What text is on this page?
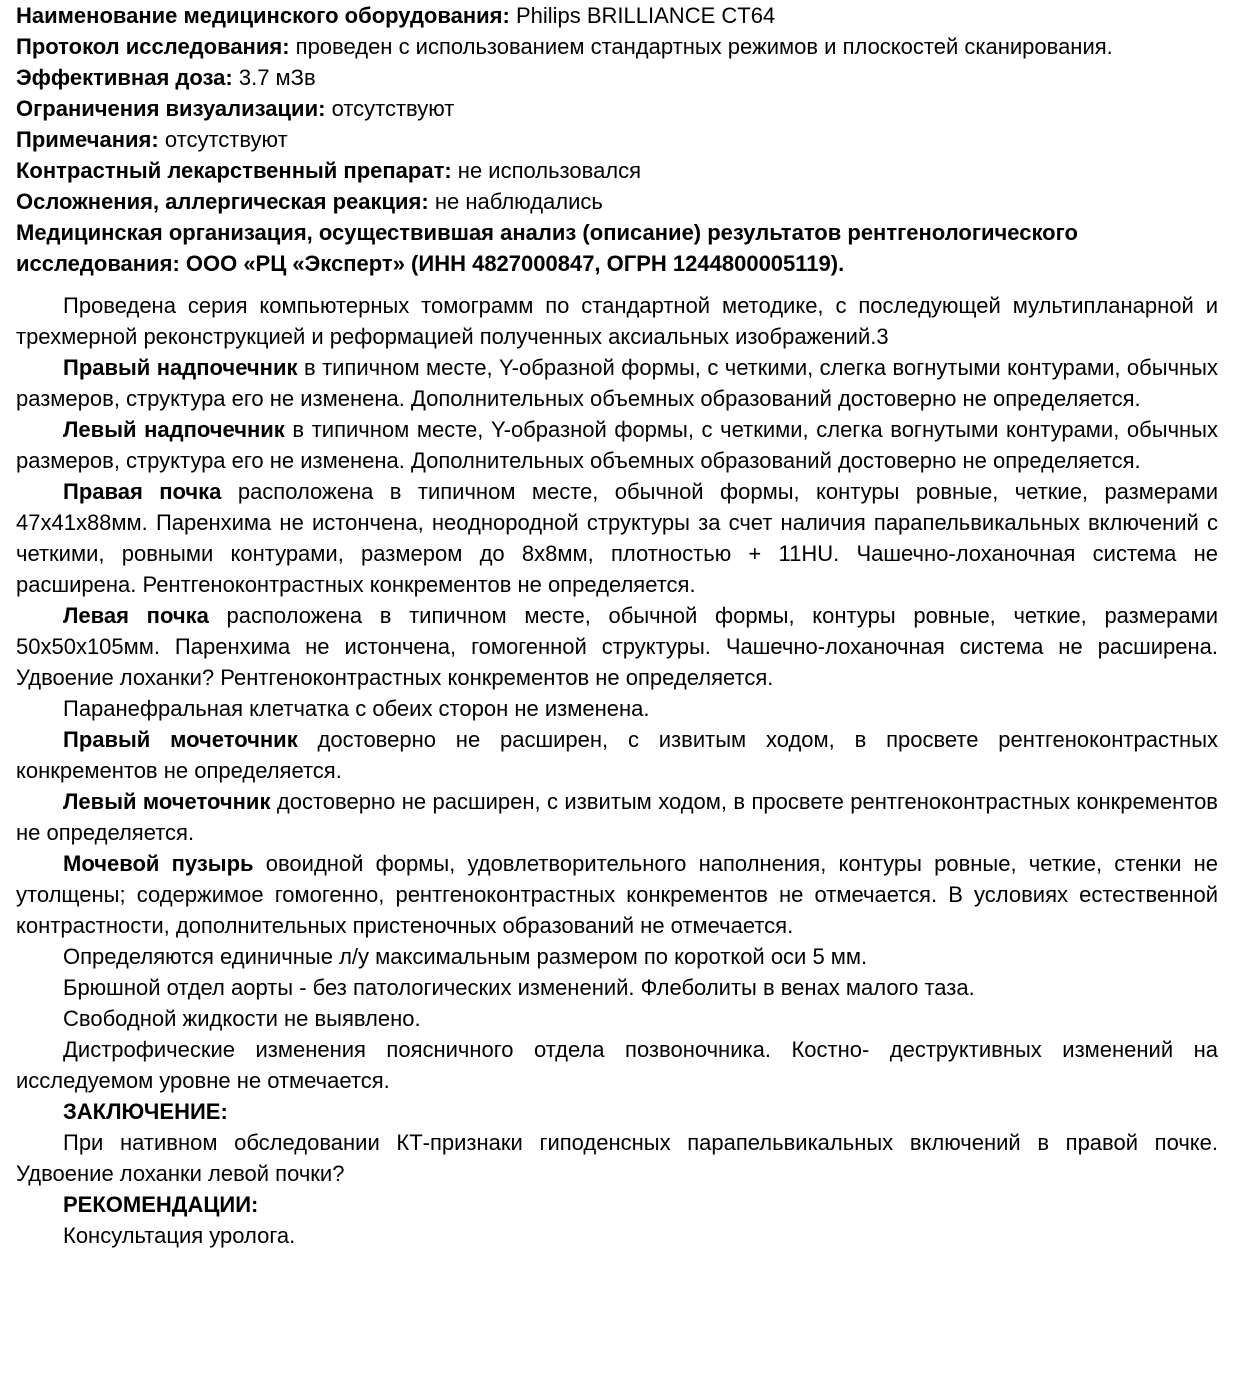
Наименование медицинского оборудования: Philips BRILLIANCE CT64
Протокол исследования: проведен с использованием стандартных режимов и плоскостей сканирования.
Эффективная доза: 3.7 мЗв
Ограничения визуализации: отсутствуют
Примечания: отсутствуют
Контрастный лекарственный препарат: не использовался
Осложнения, аллергическая реакция: не наблюдались
Медицинская организация, осуществившая анализ (описание) результатов рентгенологического исследования: ООО «РЦ «Эксперт» (ИНН 4827000847, ОГРН 1244800005119).

Проведена серия компьютерных томограмм по стандартной методике, с последующей мультипланарной и трехмерной реконструкцией и реформацией полученных аксиальных изображений.3

Правый надпочечник в типичном месте, Y-образной формы, с четкими, слегка вогнутыми контурами, обычных размеров, структура его не изменена. Дополнительных объемных образований достоверно не определяется.

Левый надпочечник в типичном месте, Y-образной формы, с четкими, слегка вогнутыми контурами, обычных размеров, структура его не изменена. Дополнительных объемных образований достоверно не определяется.

Правая почка расположена в типичном месте, обычной формы, контуры ровные, четкие, размерами 47х41х88мм. Паренхима не истончена, неоднородной структуры за счет наличия парапельвикальных включений с четкими, ровными контурами, размером до 8х8мм, плотностью + 11HU. Чашечно-лоханочная система не расширена. Рентгеноконтрастных конкрементов не определяется.

Левая почка расположена в типичном месте, обычной формы, контуры ровные, четкие, размерами 50х50х105мм. Паренхима не истончена, гомогенной структуры. Чашечно-лоханочная система не расширена. Удвоение лоханки? Рентгеноконтрастных конкрементов не определяется.

Паранефральная клетчатка с обеих сторон не изменена.

Правый мочеточник достоверно не расширен, с извитым ходом, в просвете рентгеноконтрастных конкрементов не определяется.

Левый мочеточник достоверно не расширен, с извитым ходом, в просвете рентгеноконтрастных конкрементов не определяется.

Мочевой пузырь овоидной формы, удовлетворительного наполнения, контуры ровные, четкие, стенки не утолщены; содержимое гомогенно, рентгеноконтрастных конкрементов не отмечается. В условиях естественной контрастности, дополнительных пристеночных образований не отмечается.

Определяются единичные л/у максимальным размером по короткой оси 5 мм.

Брюшной отдел аорты - без патологических изменений. Флеболиты в венах малого таза.

Свободной жидкости не выявлено.

Дистрофические изменения поясничного отдела позвоночника. Костно- деструктивных изменений на исследуемом уровне не отмечается.

ЗАКЛЮЧЕНИЕ:

При нативном обследовании КТ-признаки гиподенсных парапельвикальных включений в правой почке. Удвоение лоханки левой почки?

РЕКОМЕНДАЦИИ:

Консультация уролога.
